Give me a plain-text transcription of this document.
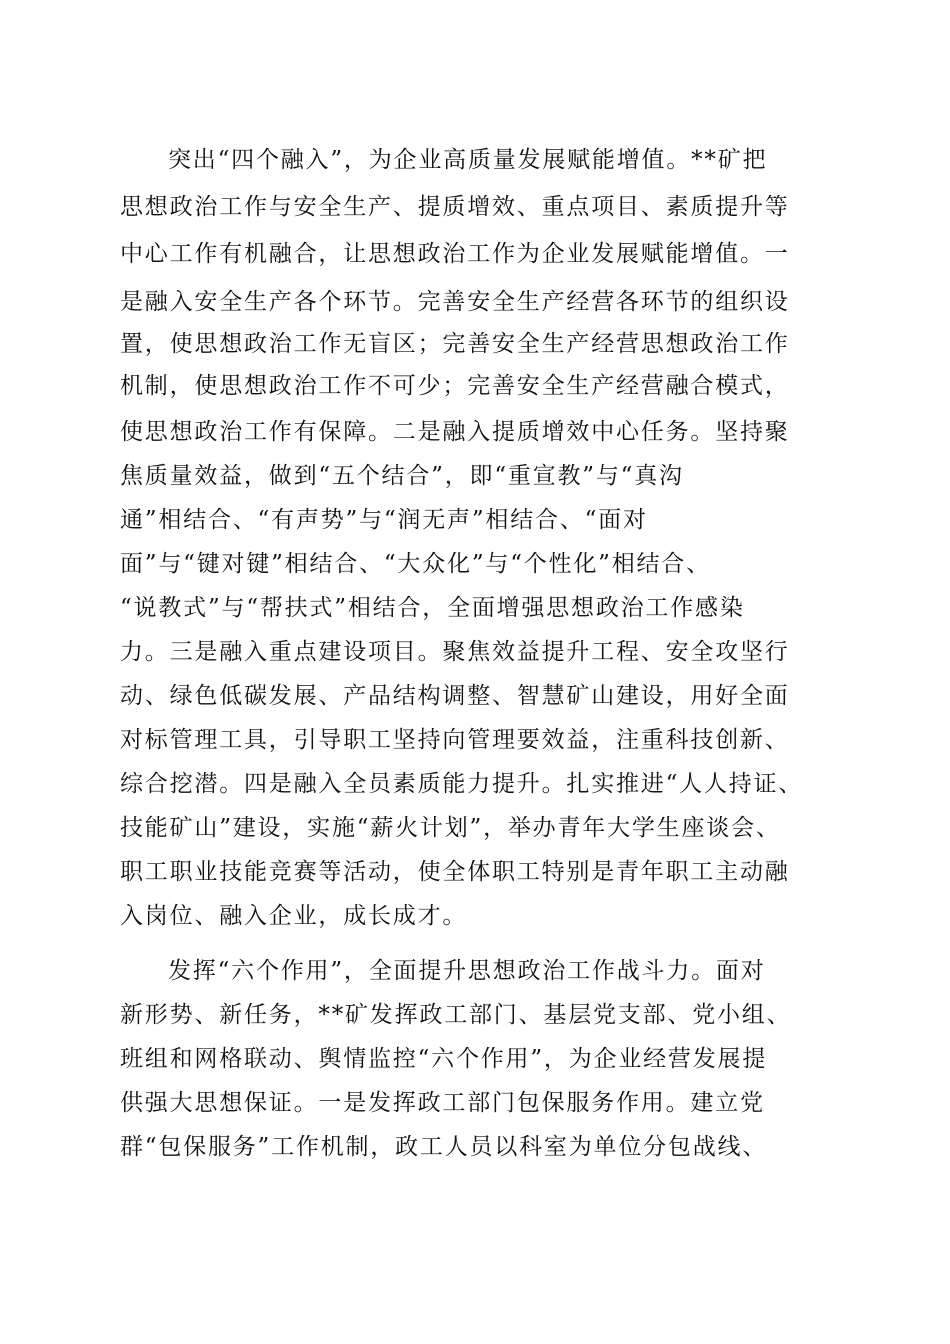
突出“四个融入”，为企业高质量发展赋能增值。**矿把

思想政治工作与安全生产、提质增效、重点项目、素质提升等

中心工作有机融合，让思想政治工作为企业发展赋能增值。一

是融入安全生产各个环节。完善安全生产经营各环节的组织设

置，使思想政治工作无盲区；完善安全生产经营思想政治工作

机制，使思想政治工作不可少；完善安全生产经营融合模式，

使思想政治工作有保障。二是融入提质增效中心任务。坚持聚

焦质量效益，做到“五个结合”，即“重宣教”与“真沟

通”相结合、“有声势”与“润无声”相结合、“面对

面”与“键对键”相结合、“大众化”与“个性化”相结合、

“说教式”与“帮扶式”相结合，全面增强思想政治工作感染

力。三是融入重点建设项目。聚焦效益提升工程、安全攻坚行

动、绿色低碳发展、产品结构调整、智慧矿山建设，用好全面

对标管理工具，引导职工坚持向管理要效益，注重科技创新、

综合挖潜。四是融入全员素质能力提升。扎实推进“人人持证、

技能矿山”建设，实施“薪火计划”，举办青年大学生座谈会、

职工职业技能竞赛等活动，使全体职工特别是青年职工主动融

入岗位、融入企业，成长成才。

发挥“六个作用”，全面提升思想政治工作战斗力。面对

新形势、新任务，**矿发挥政工部门、基层党支部、党小组、

班组和网格联动、舆情监控“六个作用”，为企业经营发展提

供强大思想保证。一是发挥政工部门包保服务作用。建立党

群“包保服务”工作机制，政工人员以科室为单位分包战线、
